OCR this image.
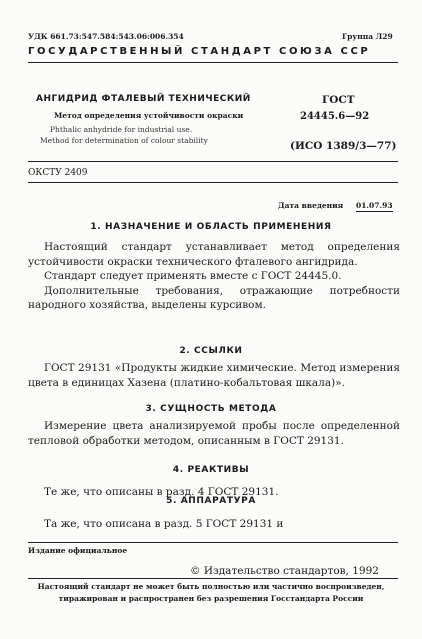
УДК 661.73:547.584:543.06:006.354	Группа Л29
ГОСУДАРСТВЕННЫЙ СТАНДАРТ СОЮЗА ССР
АНГИДРИД ФТАЛЕВЫЙ ТЕХНИЧЕСКИЙ
Метод определения устойчивости окраски
Phthalic anhydride for industrial use.
Method for determination of colour stability
ГОСТ
24445.6—92
(ИСО 1389/3—77)
ОКСТУ 2409
Дата введения 01.07.93
1. НАЗНАЧЕНИЕ И ОБЛАСТЬ ПРИМЕНЕНИЯ
Настоящий стандарт устанавливает метод определения устойчивости окраски технического фталевого ангидрида.
Стандарт следует применять вместе с ГОСТ 24445.0.
Дополнительные требования, отражающие потребности народного хозяйства, выделены курсивом.
2. ССЫЛКИ
ГОСТ 29131 «Продукты жидкие химические. Метод измерения цвета в единицах Хазена (платино-кобальтовая шкала)».
3. СУЩНОСТЬ МЕТОДА
Измерение цвета анализируемой пробы после определенной тепловой обработки методом, описанным в ГОСТ 29131.
4. РЕАКТИВЫ
Те же, что описаны в разд. 4 ГОСТ 29131.
5. АППАРАТУРА
Та же, что описана в разд. 5 ГОСТ 29131 и
Издание официальное
© Издательство стандартов, 1992
Настоящий стандарт не может быть полностью или частично воспроизведен,
тиражирован и распространен без разрешения Госстандарта России
